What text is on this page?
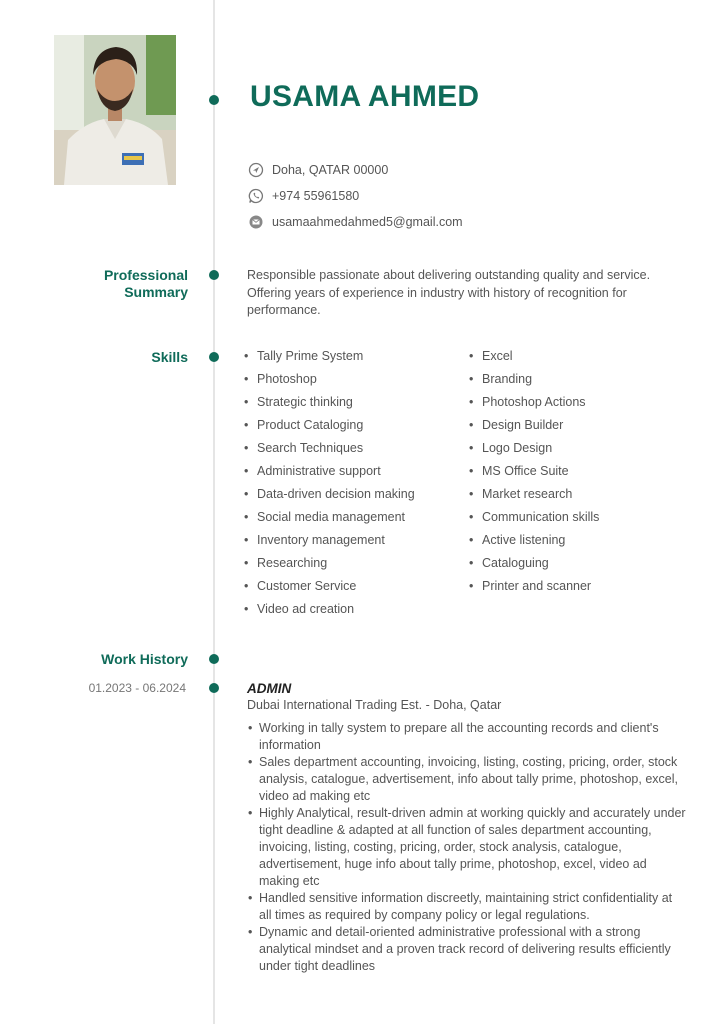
USAMA AHMED
Doha, QATAR 00000
+974 55961580
usamaahmedahmed5@gmail.com
Professional
Summary

Responsible passionate about delivering outstanding quality and service. Offering years of experience in industry with history of recognition for performance.

Skills
•	Tally Prime System
• Photoshop
• Strategic thinking
• Product Cataloging
• Search Techniques
• Administrative support
• Data-driven decision making
• Social media management
• Inventory management
• Researching
• Customer Service
• Video ad creation
• Excel
• Branding
• Photoshop Actions
• Design Builder
• Logo Design
• MS Office Suite
• Market research
• Communication skills
• Active listening
• Cataloguing
• Printer and scanner
Work History
01.2023 - 06.2024	ADMIN
Dubai International Trading Est. - Doha, Qatar
• Working in tally system to prepare all the accounting records and client's information
• Sales department accounting, invoicing, listing, costing, pricing, order, stock analysis, catalogue, advertisement, info about tally prime, photoshop, excel, video ad making etc
• Highly Analytical, result-driven admin at working quickly and accurately under tight deadline & adapted at all function of sales department accounting, invoicing, listing, costing, pricing, order, stock analysis, catalogue, advertisement, huge info about tally prime, photoshop, excel, video ad making etc
• Handled sensitive information discreetly, maintaining strict confidentiality at all times as required by company policy or legal regulations.
• Dynamic and detail-oriented administrative professional with a strong analytical mindset and a proven track record of delivering results efficiently under tight deadlines
